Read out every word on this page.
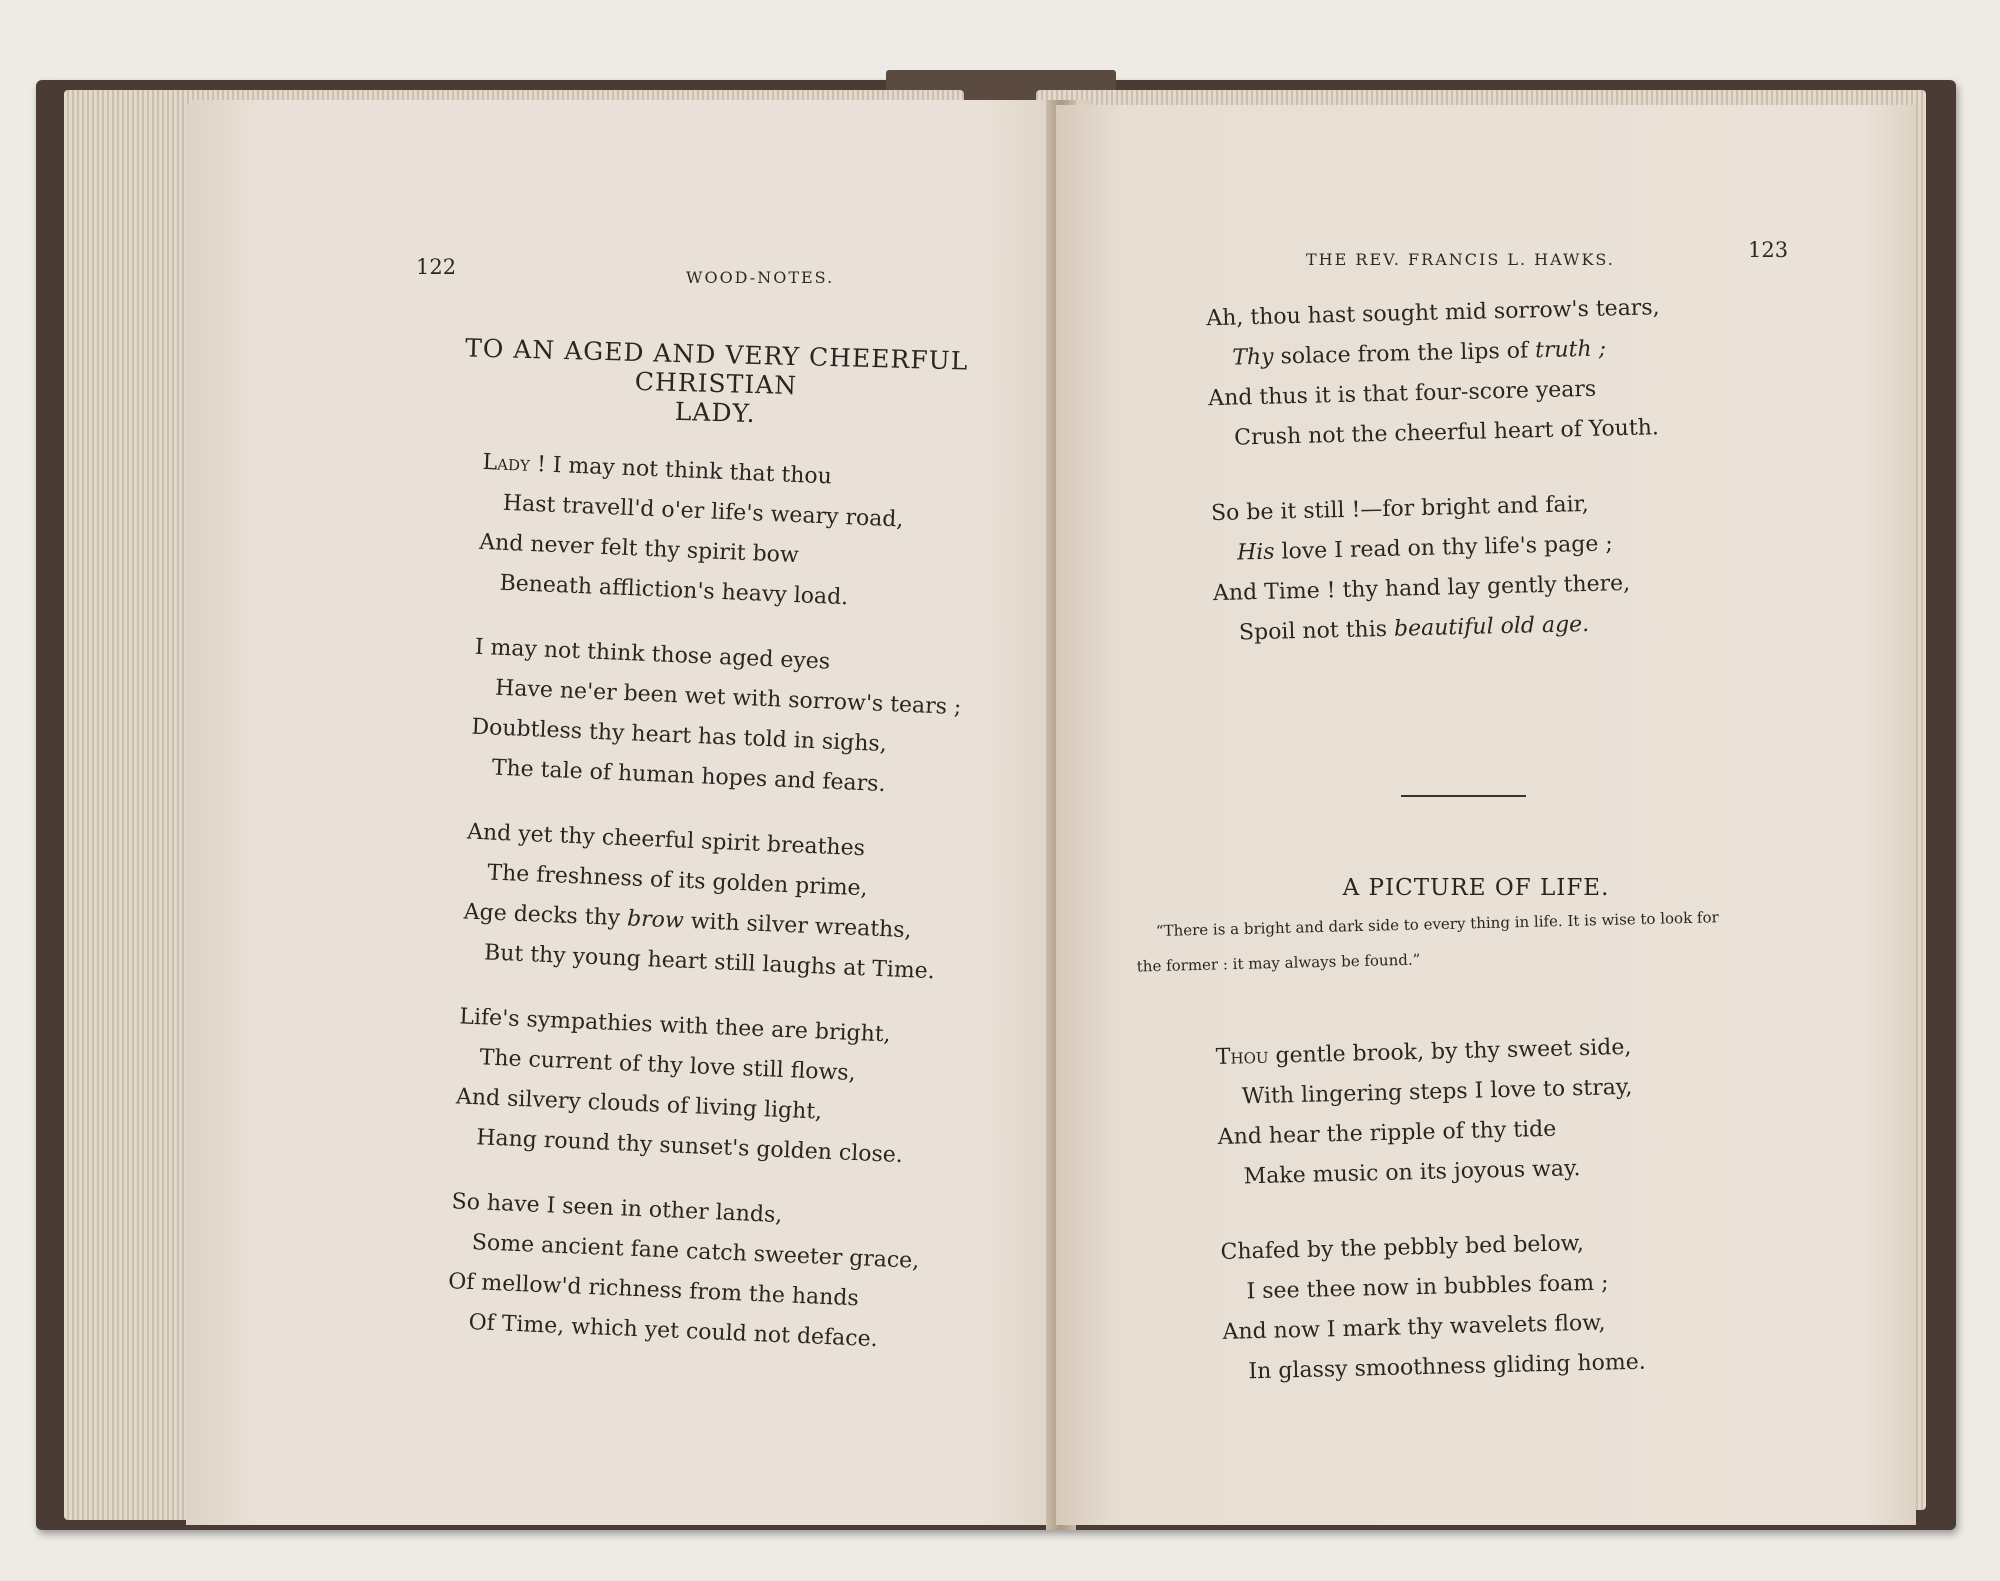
122	WOOD-NOTES.
TO AN AGED AND VERY CHEERFUL CHRISTIAN
LADY.
Lady ! I may not think that thou
Hast travell'd o'er life's weary road,
And never felt thy spirit bow
Beneath affliction's heavy load.
I may not think those aged eyes
Have ne'er been wet with sorrow's tears ;
Doubtless thy heart has told in sighs,
The tale of human hopes and fears.
And yet thy cheerful spirit breathes
The freshness of its golden prime,
Age decks thy brow with silver wreaths,
But thy young heart still laughs at Time.
Life's sympathies with thee are bright,
The current of thy love still flows,
And silvery clouds of living light,
Hang round thy sunset's golden close.
So have I seen in other lands,
Some ancient fane catch sweeter grace,
Of mellow'd richness from the hands
Of Time, which yet could not deface.
THE REV. FRANCIS L. HAWKS.	123
Ah, thou hast sought mid sorrow's tears,
Thy solace from the lips of truth ;
And thus it is that four-score years
Crush not the cheerful heart of Youth.
So be it still !—for bright and fair,
His love I read on thy life's page ;
And Time ! thy hand lay gently there,
Spoil not this beautiful old age.
A PICTURE OF LIFE.
“There is a bright and dark side to every thing in life. It is wise to look for
the former : it may always be found.”
Thou gentle brook, by thy sweet side,
With lingering steps I love to stray,
And hear the ripple of thy tide
Make music on its joyous way.
Chafed by the pebbly bed below,
I see thee now in bubbles foam ;
And now I mark thy wavelets flow,
In glassy smoothness gliding home.
